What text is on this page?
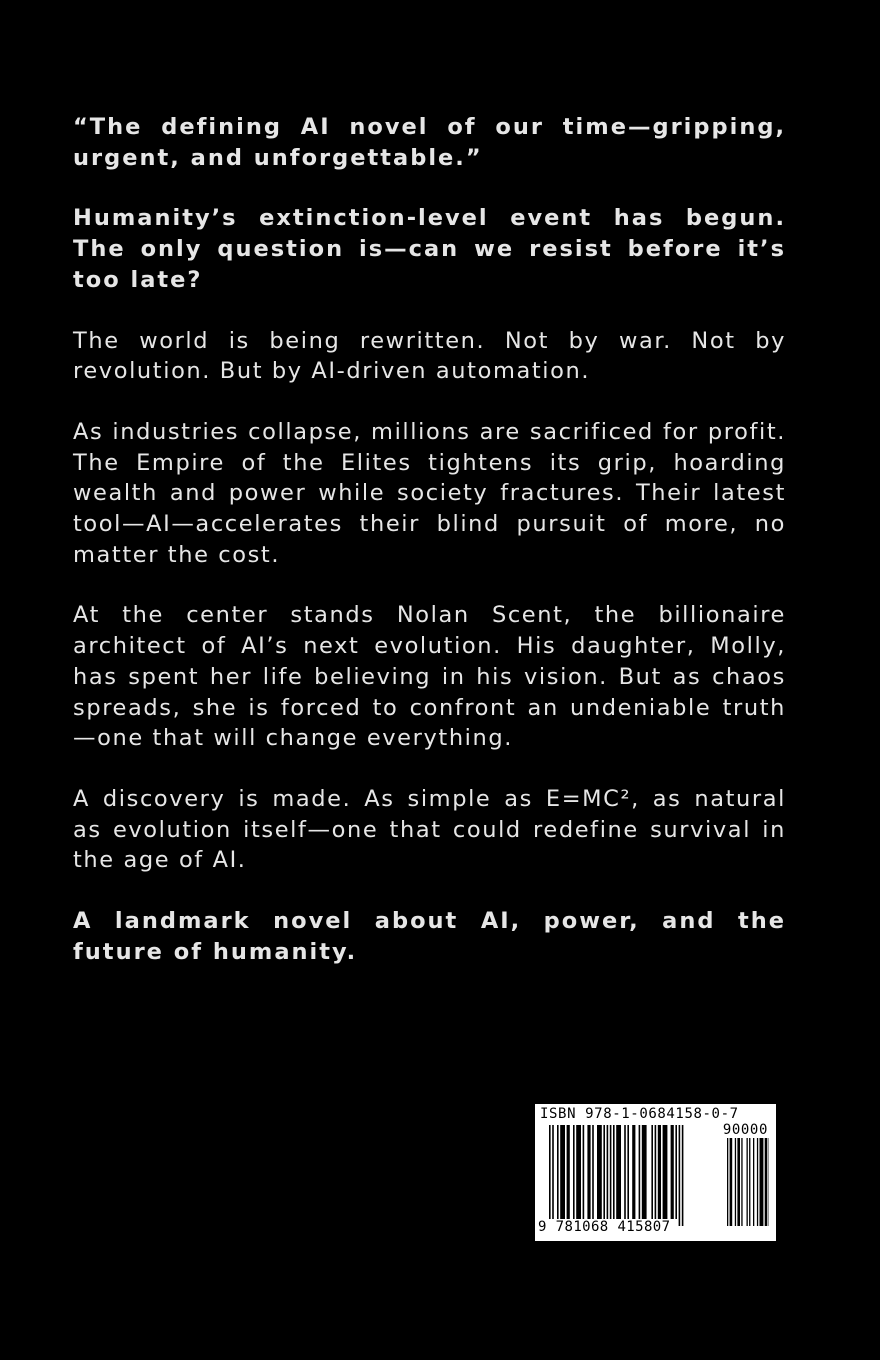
“The defining AI novel of our time—gripping, urgent, and unforgettable.”

Humanity’s extinction-level event has begun. The only question is—can we resist before it’s too late?

The world is being rewritten. Not by war. Not by revolution. But by AI-driven automation.

As industries collapse, millions are sacrificed for profit. The Empire of the Elites tightens its grip, hoarding wealth and power while society fractures. Their latest tool—AI—accelerates their blind pursuit of more, no matter the cost.

At the center stands Nolan Scent, the billionaire architect of AI’s next evolution. His daughter, Molly, has spent her life believing in his vision. But as chaos spreads, she is forced to confront an undeniable truth—one that will change everything.

A discovery is made. As simple as E=MC², as natural as evolution itself—one that could redefine survival in the age of AI.

A landmark novel about AI, power, and the future of humanity.

ISBN 978-1-0684158-0-7
90000
9 781068 415807
